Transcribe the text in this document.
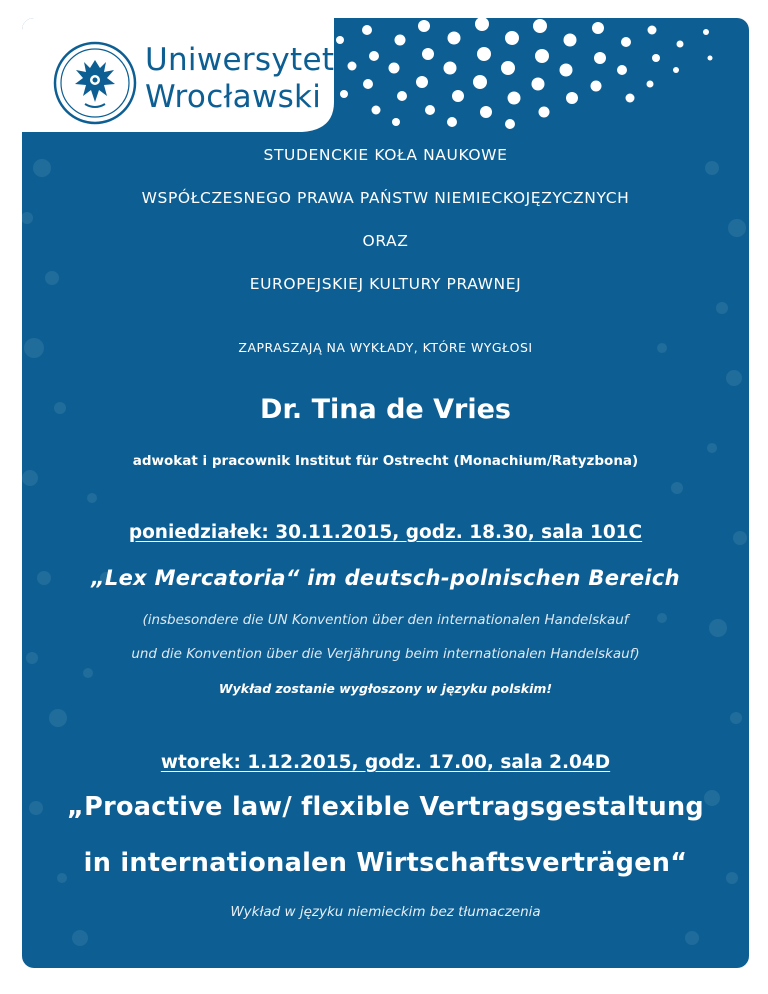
Uniwersytet
Wrocławski
STUDENCKIE KOŁA NAUKOWE
WSPÓŁCZESNEGO PRAWA PAŃSTW NIEMIECKOJĘZYCZNYCH
ORAZ
EUROPEJSKIEJ KULTURY PRAWNEJ
ZAPRASZAJĄ NA WYKŁADY, KTÓRE WYGŁOSI
Dr. Tina de Vries
adwokat i pracownik Institut für Ostrecht (Monachium/Ratyzbona)
poniedziałek: 30.11.2015, godz. 18.30, sala 101C
„Lex Mercatoria“ im deutsch-polnischen Bereich
(insbesondere die UN Konvention über den internationalen Handelskauf
und die Konvention über die Verjährung beim internationalen Handelskauf)
Wykład zostanie wygłoszony w języku polskim!
wtorek: 1.12.2015, godz. 17.00, sala 2.04D
„Proactive law/ flexible Vertragsgestaltung
in internationalen Wirtschaftsverträgen“
Wykład w języku niemieckim bez tłumaczenia
